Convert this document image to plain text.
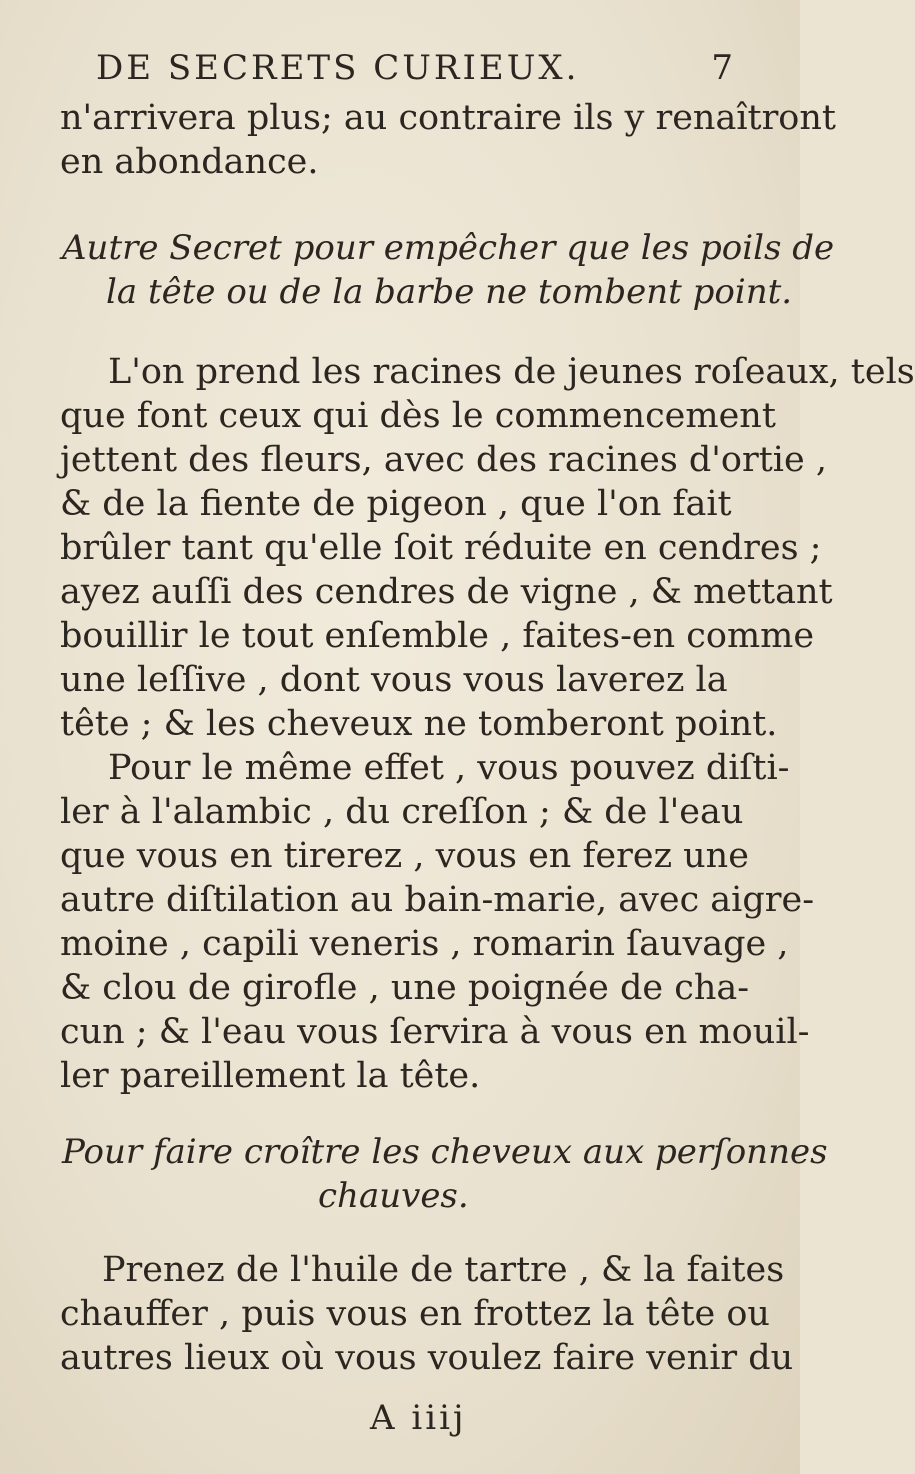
DE SECRETS CURIEUX.	7
n'arrivera plus; au contraire ils y renaîtront
en abondance.
Autre Secret pour empêcher que les poils de
la tête ou de la barbe ne tombent point.
L'on prend les racines de jeunes roſeaux, tels
que font ceux qui dès le commencement
jettent des fleurs, avec des racines d'ortie ,
& de la fiente de pigeon , que l'on fait
brûler tant qu'elle ſoit réduite en cendres ;
ayez auſſi des cendres de vigne , & mettant
bouillir le tout enſemble , faites-en comme
une leſſive , dont vous vous laverez la
tête ; & les cheveux ne tomberont point.
Pour le même effet , vous pouvez diſti-
ler à l'alambic , du creſſon ; & de l'eau
que vous en tirerez , vous en ferez une
autre diſtilation au bain-marie, avec aigre-
moine , capili veneris , romarin ſauvage ,
& clou de girofle , une poignée de cha-
cun ; & l'eau vous ſervira à vous en mouil-
ler pareillement la tête.
Pour faire croître les cheveux aux perſonnes
chauves.
Prenez de l'huile de tartre , & la faites
chauffer , puis vous en frottez la tête ou
autres lieux où vous voulez faire venir du
A iiij
